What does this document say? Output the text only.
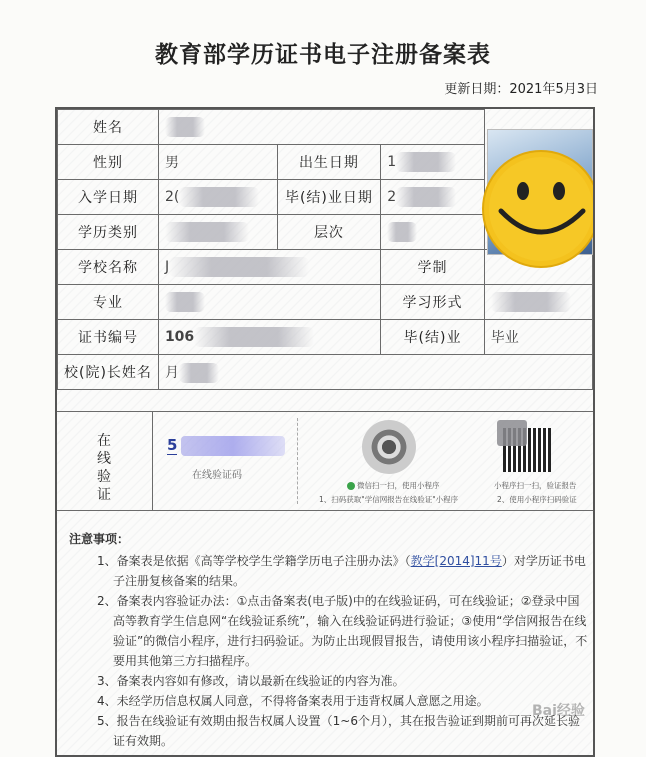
教育部学历证书电子注册备案表
更新日期：2021年5月3日
姓名				
性别	男	出生日期	1	
入学日期	2(	毕(结)业日期	2	
学历类别		层次		
学校名称	J		学制	
专业			学习形式	
证书编号	106		毕(结)业	毕业
校(院)长姓名	月			
在
线
验
证
5
在线验证码
微信扫一扫，使用小程序
1、扫码获取"学信网报告在线验证"小程序
小程序扫一扫，验证报告
2、使用小程序扫码验证
注意事项：

1、备案表是依据《高等学校学生学籍学历电子注册办法》（教学[2014]11号）对学历证书电子注册复核备案的结果。

2、备案表内容验证办法：①点击备案表(电子版)中的在线验证码，可在线验证；②登录中国高等教育学生信息网“在线验证系统”，输入在线验证码进行验证；③使用“学信网报告在线验证”的微信小程序，进行扫码验证。为防止出现假冒报告，请使用该小程序扫描验证，不要用其他第三方扫描程序。

3、备案表内容如有修改，请以最新在线验证的内容为准。

4、未经学历信息权属人同意，不得将备案表用于违背权属人意愿之用途。

5、报告在线验证有效期由报告权属人设置（1~6个月），其在报告验证到期前可再次延长验证有效期。

Bai经验
